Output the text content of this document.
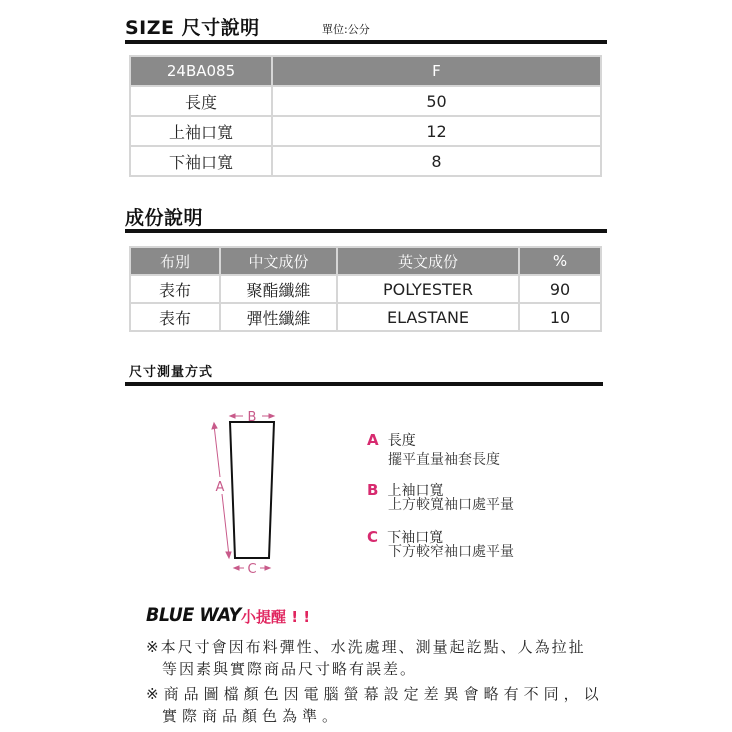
SIZE 尺寸說明	單位:公分
24BA085	F
長度	50
上袖口寬	12
下袖口寬	8
成份說明
布別	中文成份	英文成份	%
表布	聚酯纖維	POLYESTER	90
表布	彈性纖維	ELASTANE	10
尺寸測量方式
B
A
C
A 長度
擺平直量袖套長度
B 上袖口寬
上方較寬袖口處平量
C 下袖口寬
下方較窄袖口處平量
BLUE WAY 小提醒 ! !
※本尺寸會因布料彈性、水洗處理、測量起訖點、人為拉扯
等因素與實際商品尺寸略有誤差。
※商品圖檔顏色因電腦螢幕設定差異會略有不同，以
實際商品顏色為準。
